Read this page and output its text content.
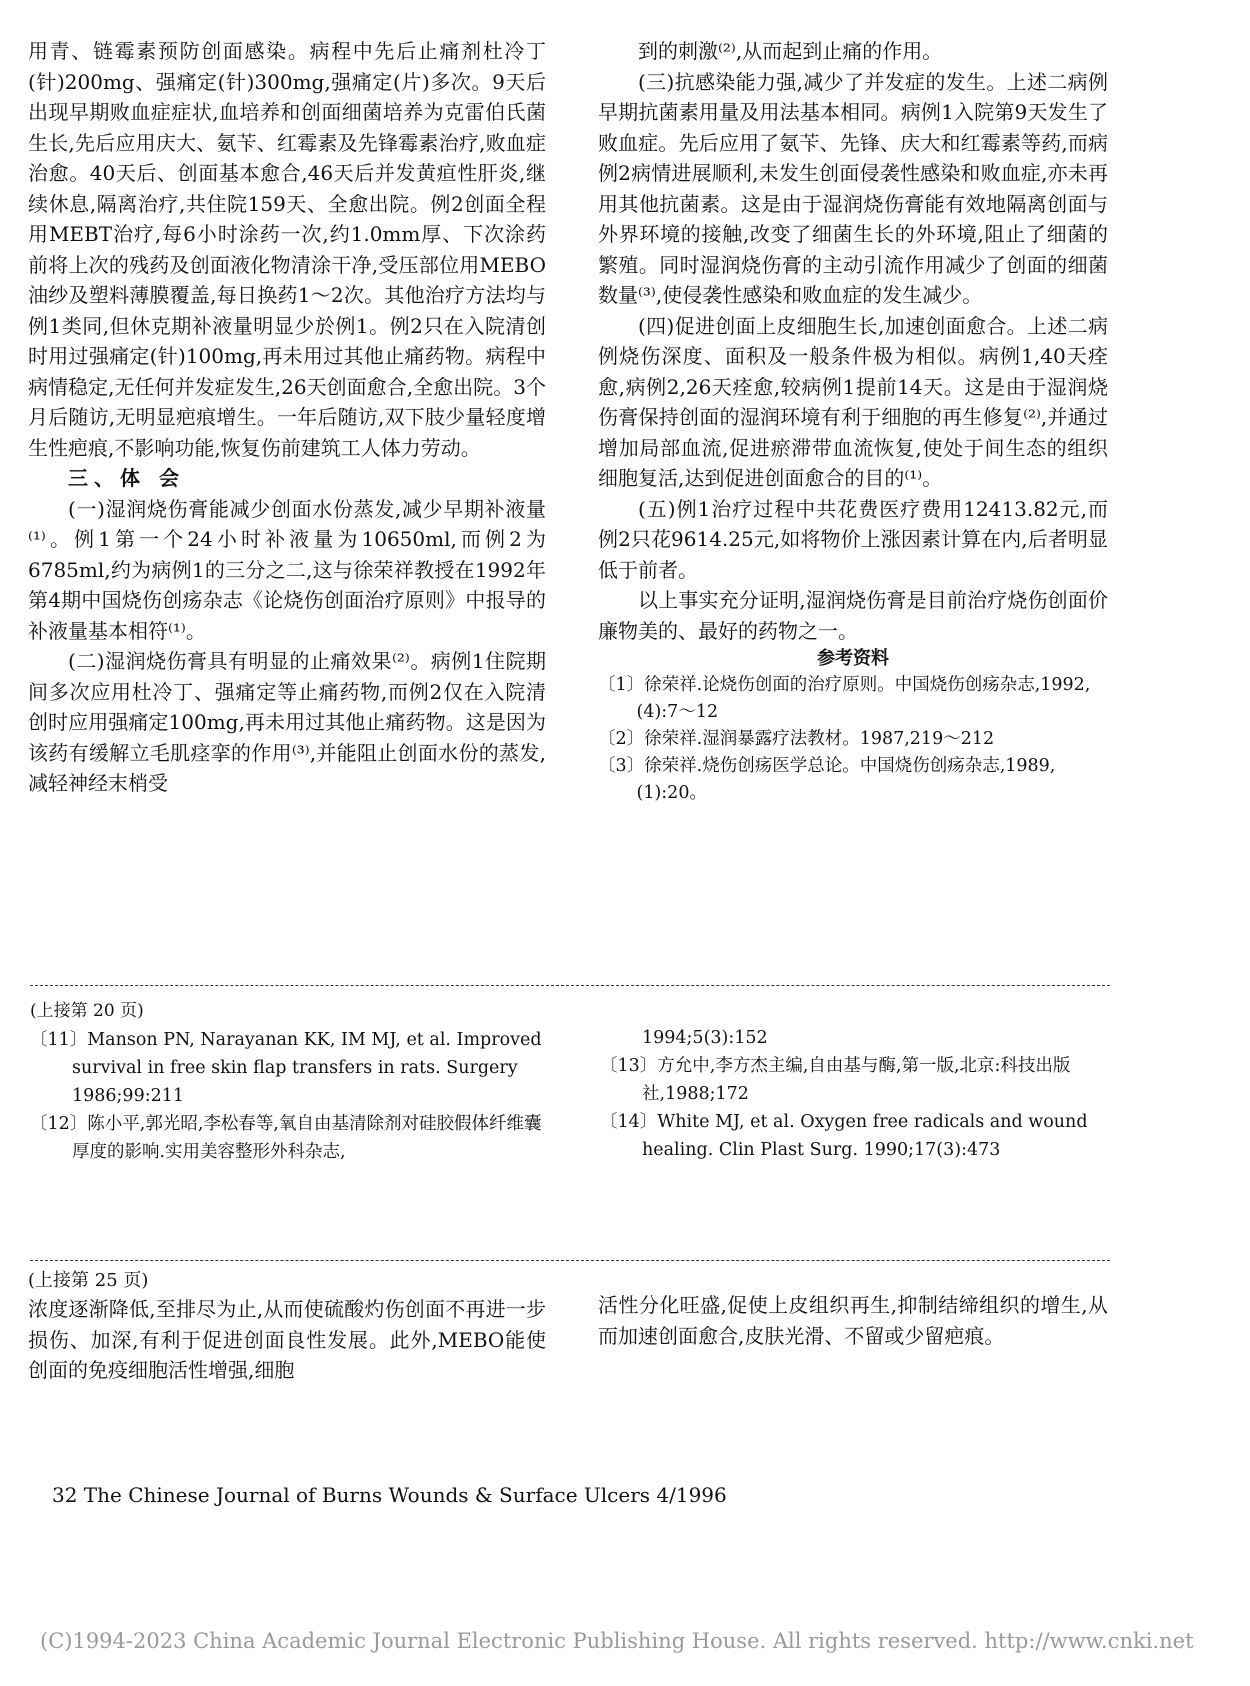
用青、链霉素预防创面感染。病程中先后止痛剂杜冷丁(针)200mg、强痛定(针)300mg,强痛定(片)多次。9天后出现早期败血症症状,血培养和创面细菌培养为克雷伯氏菌生长,先后应用庆大、氨苄、红霉素及先锋霉素治疗,败血症治愈。40天后、创面基本愈合,46天后并发黄疸性肝炎,继续休息,隔离治疗,共住院159天、全愈出院。例2创面全程用MEBT治疗,每6小时涂药一次,约1.0mm厚、下次涂药前将上次的残药及创面液化物清涂干净,受压部位用MEBO油纱及塑料薄膜覆盖,每日换药1～2次。其他治疗方法均与例1类同,但休克期补液量明显少於例1。例2只在入院清创时用过强痛定(针)100mg,再未用过其他止痛药物。病程中病情稳定,无任何并发症发生,26天创面愈合,全愈出院。3个月后随访,无明显疤痕增生。一年后随访,双下肢少量轻度增生性疤痕,不影响功能,恢复伤前建筑工人体力劳动。

三、体 会

(一)湿润烧伤膏能减少创面水份蒸发,减少早期补液量⁽¹⁾。例1第一个24小时补液量为10650ml,而例2为6785ml,约为病例1的三分之二,这与徐荣祥教授在1992年第4期中国烧伤创疡杂志《论烧伤创面治疗原则》中报导的补液量基本相符⁽¹⁾。

(二)湿润烧伤膏具有明显的止痛效果⁽²⁾。病例1住院期间多次应用杜冷丁、强痛定等止痛药物,而例2仅在入院清创时应用强痛定100mg,再未用过其他止痛药物。这是因为该药有缓解立毛肌痉挛的作用⁽³⁾,并能阻止创面水份的蒸发,减轻神经末梢受

到的刺激⁽²⁾,从而起到止痛的作用。

(三)抗感染能力强,减少了并发症的发生。上述二病例早期抗菌素用量及用法基本相同。病例1入院第9天发生了败血症。先后应用了氨苄、先锋、庆大和红霉素等药,而病例2病情进展顺利,未发生创面侵袭性感染和败血症,亦未再用其他抗菌素。这是由于湿润烧伤膏能有效地隔离创面与外界环境的接触,改变了细菌生长的外环境,阻止了细菌的繁殖。同时湿润烧伤膏的主动引流作用减少了创面的细菌数量⁽³⁾,使侵袭性感染和败血症的发生减少。

(四)促进创面上皮细胞生长,加速创面愈合。上述二病例烧伤深度、面积及一般条件极为相似。病例1,40天痊愈,病例2,26天痊愈,较病例1提前14天。这是由于湿润烧伤膏保持创面的湿润环境有利于细胞的再生修复⁽²⁾,并通过增加局部血流,促进瘀滞带血流恢复,使处于间生态的组织细胞复活,达到促进创面愈合的目的⁽¹⁾。

(五)例1治疗过程中共花费医疗费用12413.82元,而例2只花9614.25元,如将物价上涨因素计算在内,后者明显低于前者。

以上事实充分证明,湿润烧伤膏是目前治疗烧伤创面价廉物美的、最好的药物之一。

参考资料
〔1〕徐荣祥.论烧伤创面的治疗原则。中国烧伤创疡杂志,1992,(4):7～12
〔2〕徐荣祥.湿润暴露疗法教材。1987,219～212
〔3〕徐荣祥.烧伤创疡医学总论。中国烧伤创疡杂志,1989,(1):20。
(上接第 20 页)

〔11〕Manson PN, Narayanan KK, IM MJ, et al. Improved survival in free skin flap transfers in rats. Surgery 1986;99:211

〔12〕陈小平,郭光昭,李松春等,氧自由基清除剂对硅胶假体纤维囊厚度的影响.实用美容整形外科杂志,

1994;5(3):152

〔13〕方允中,李方杰主编,自由基与酶,第一版,北京:科技出版社,1988;172

〔14〕White MJ, et al. Oxygen free radicals and wound healing. Clin Plast Surg. 1990;17(3):473

(上接第 25 页)

浓度逐渐降低,至排尽为止,从而使硫酸灼伤创面不再进一步损伤、加深,有利于促进创面良性发展。此外,MEBO能使创面的免疫细胞活性增强,细胞

活性分化旺盛,促使上皮组织再生,抑制结缔组织的增生,从而加速创面愈合,皮肤光滑、不留或少留疤痕。

32 The Chinese Journal of Burns Wounds & Surface Ulcers 4/1996
(C)1994-2023 China Academic Journal Electronic Publishing House. All rights reserved. http://www.cnki.net
